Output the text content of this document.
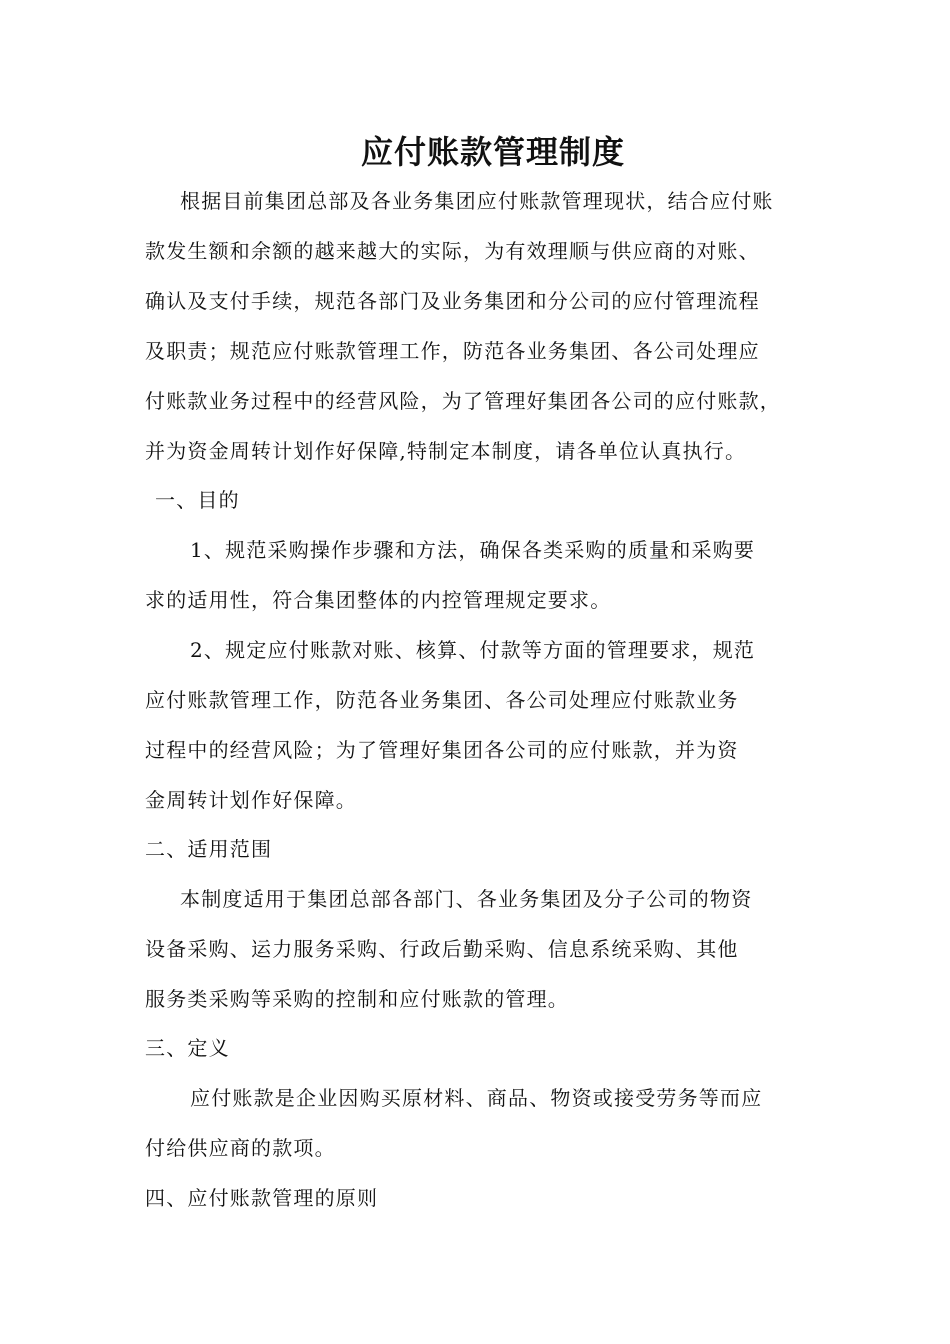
应付账款管理制度
根据目前集团总部及各业务集团应付账款管理现状，结合应付账
款发生额和余额的越来越大的实际，为有效理顺与供应商的对账、
确认及支付手续，规范各部门及业务集团和分公司的应付管理流程
及职责；规范应付账款管理工作，防范各业务集团、各公司处理应
付账款业务过程中的经营风险，为了管理好集团各公司的应付账款，
并为资金周转计划作好保障,特制定本制度，请各单位认真执行。
一、目的
1、规范采购操作步骤和方法，确保各类采购的质量和采购要
求的适用性，符合集团整体的内控管理规定要求。
2、规定应付账款对账、核算、付款等方面的管理要求，规范
应付账款管理工作，防范各业务集团、各公司处理应付账款业务
过程中的经营风险；为了管理好集团各公司的应付账款，并为资
金周转计划作好保障。
二、适用范围
本制度适用于集团总部各部门、各业务集团及分子公司的物资
设备采购、运力服务采购、行政后勤采购、信息系统采购、其他
服务类采购等采购的控制和应付账款的管理。
三、定义
应付账款是企业因购买原材料、商品、物资或接受劳务等而应
付给供应商的款项。
四、应付账款管理的原则
